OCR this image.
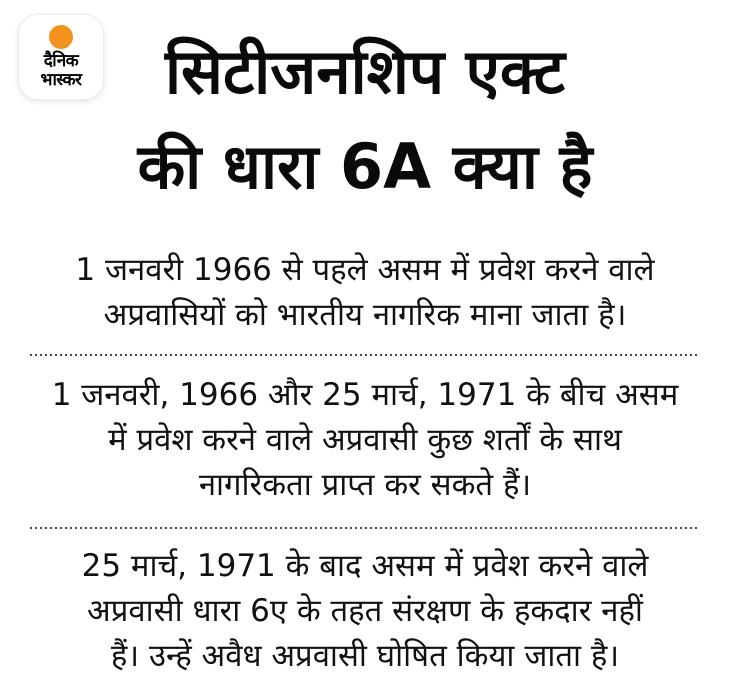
दैनिक
भास्कर	सिटीजनशिप एक्ट
की धारा 6A क्या है
1 जनवरी 1966 से पहले असम में प्रवेश करने वाले
अप्रवासियों को भारतीय नागरिक माना जाता है।
1 जनवरी, 1966 और 25 मार्च, 1971 के बीच असम
में प्रवेश करने वाले अप्रवासी कुछ शर्तों के साथ
नागरिकता प्राप्त कर सकते हैं।
25 मार्च, 1971 के बाद असम में प्रवेश करने वाले
अप्रवासी धारा 6ए के तहत संरक्षण के हकदार नहीं
हैं। उन्हें अवैध अप्रवासी घोषित किया जाता है।
